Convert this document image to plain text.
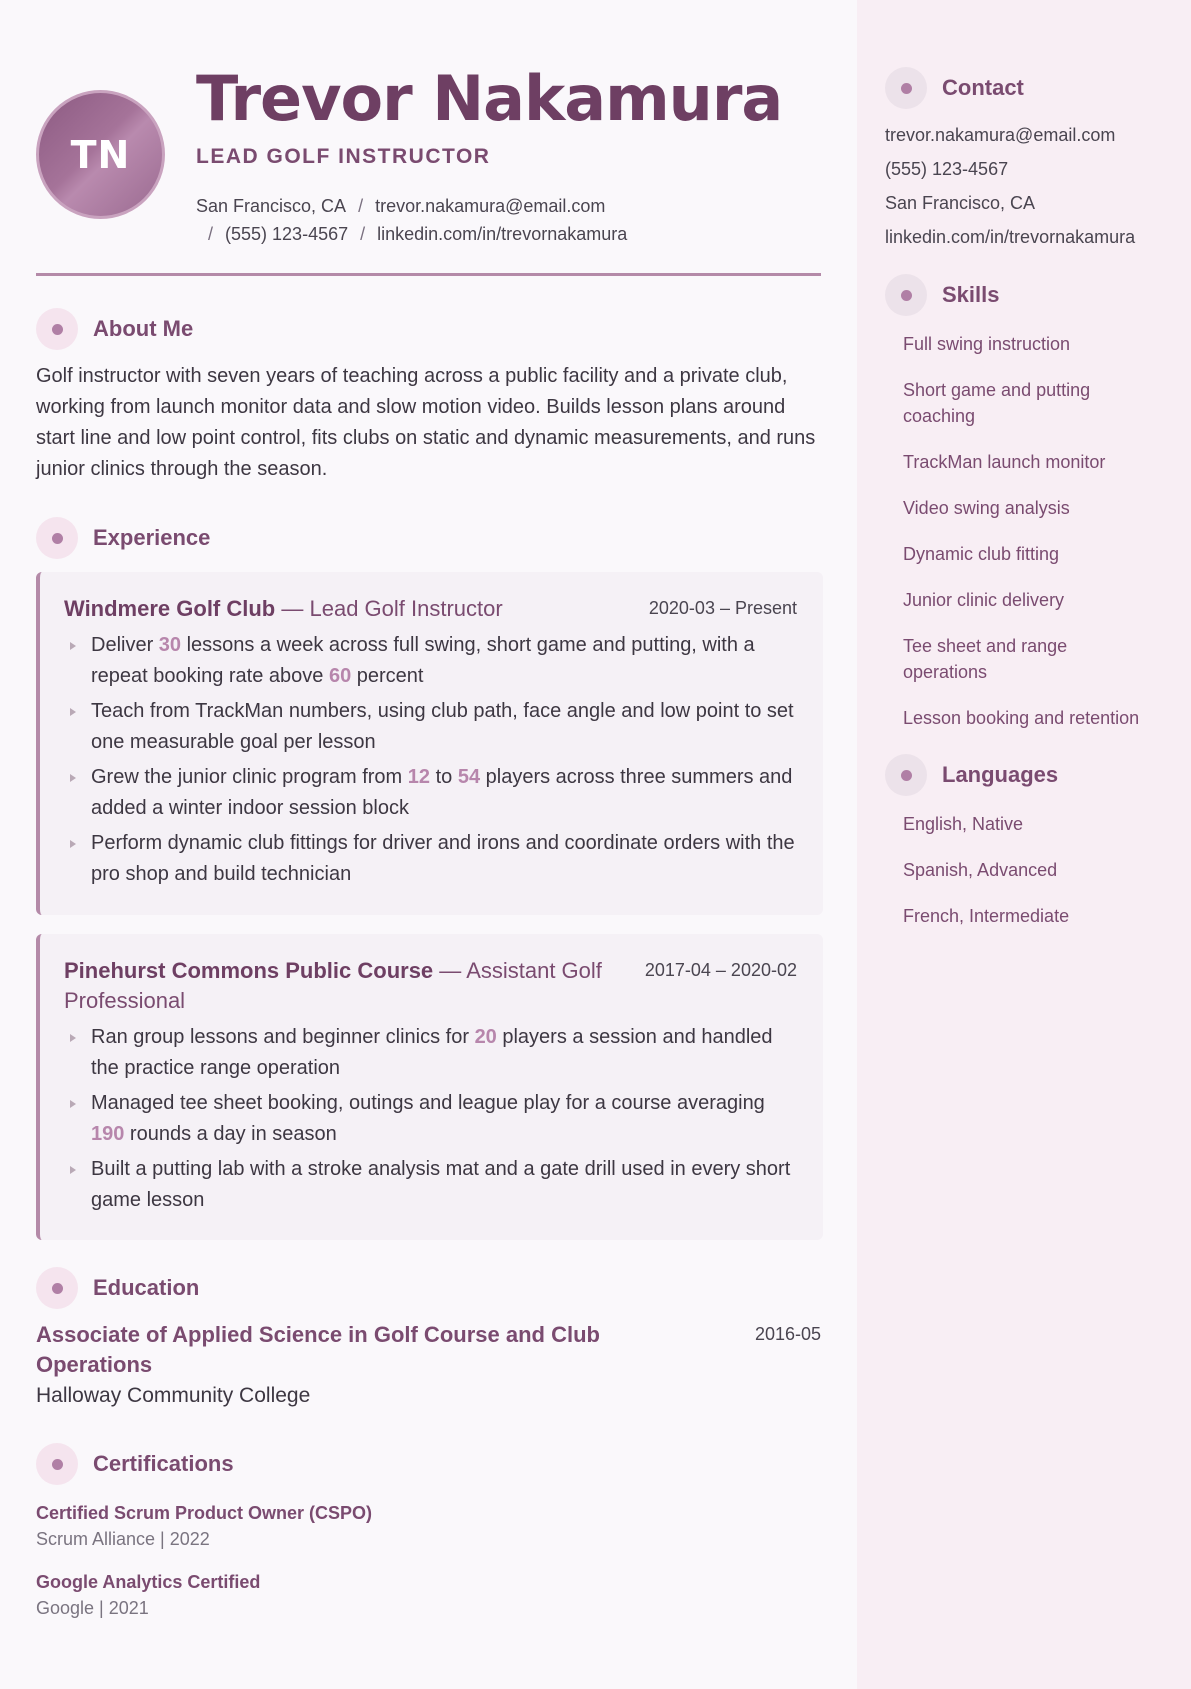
TN
Trevor Nakamura
LEAD GOLF INSTRUCTOR
San Francisco, CA / trevor.nakamura@email.com
/ (555) 123-4567 / linkedin.com/in/trevornakamura
About Me

Golf instructor with seven years of teaching across a public facility and a private club, working from launch monitor data and slow motion video. Builds lesson plans around start line and low point control, fits clubs on static and dynamic measurements, and runs junior clinics through the season.

Experience
Windmere Golf Club — Lead Golf Instructor	2020-03 – Present
Deliver 30 lessons a week across full swing, short game and putting, with a repeat booking rate above 60 percent
Teach from TrackMan numbers, using club path, face angle and low point to set one measurable goal per lesson
Grew the junior clinic program from 12 to 54 players across three summers and added a winter indoor session block
Perform dynamic club fittings for driver and irons and coordinate orders with the pro shop and build technician
Pinehurst Commons Public Course — Assistant Golf Professional
2017-04 – 2020-02
Ran group lessons and beginner clinics for 20 players a session and handled the practice range operation
Managed tee sheet booking, outings and league play for a course averaging 190 rounds a day in season
Built a putting lab with a stroke analysis mat and a gate drill used in every short game lesson
Education
Associate of Applied Science in Golf Course and Club Operations
2016-05
Halloway Community College
Certifications
Certified Scrum Product Owner (CSPO)
Scrum Alliance | 2022
Google Analytics Certified
Google | 2021
Contact
trevor.nakamura@email.com
(555) 123-4567
San Francisco, CA
linkedin.com/in/trevornakamura
Skills
Full swing instruction
Short game and putting coaching
TrackMan launch monitor
Video swing analysis
Dynamic club fitting
Junior clinic delivery
Tee sheet and range operations
Lesson booking and retention
Languages
English, Native
Spanish, Advanced
French, Intermediate
